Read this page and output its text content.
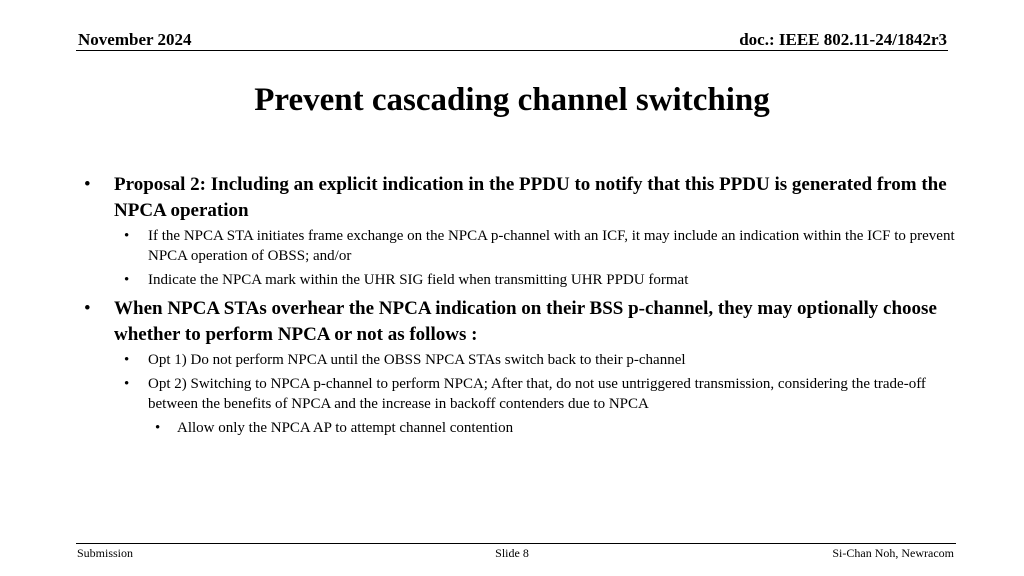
November 2024	doc.: IEEE 802.11-24/1842r3
Prevent cascading channel switching
• Proposal 2: Including an explicit indication in the PPDU to notify that this PPDU is generated from the NPCA operation
• If the NPCA STA initiates frame exchange on the NPCA p-channel with an ICF, it may include an indication within the ICF to prevent NPCA operation of OBSS; and/or
• Indicate the NPCA mark within the UHR SIG field when transmitting UHR PPDU format
• When NPCA STAs overhear the NPCA indication on their BSS p-channel, they may optionally choose whether to perform NPCA or not as follows :
• Opt 1) Do not perform NPCA until the OBSS NPCA STAs switch back to their p-channel
• Opt 2) Switching to NPCA p-channel to perform NPCA; After that, do not use untriggered transmission, considering the trade-off between the benefits of NPCA and the increase in backoff contenders due to NPCA
• Allow only the NPCA AP to attempt channel contention
Submission	Slide 8	Si-Chan Noh, Newracom
